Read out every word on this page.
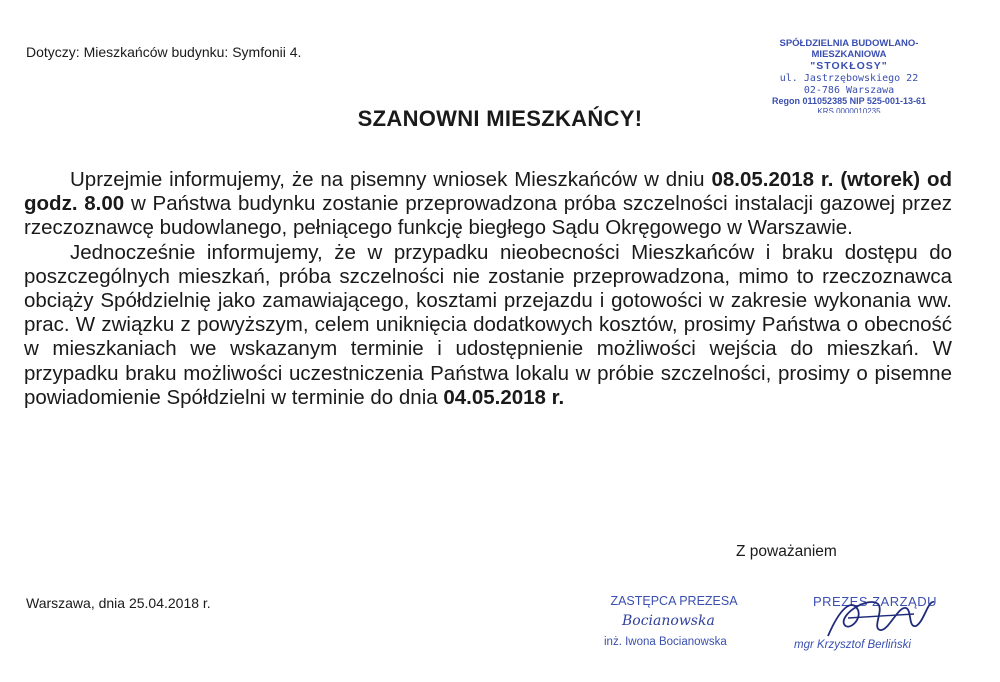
Dotyczy: Mieszkańców budynku: Symfonii 4.
SPÓŁDZIELNIA BUDOWLANO-MIESZKANIOWA
"STOKŁOSY"
ul. Jastrzębowskiego 22
02-786 Warszawa
Regon 011052385 NIP 525-001-13-61
KRS 0000010235
SZANOWNI MIESZKAŃCY!

Uprzejmie informujemy, że na pisemny wniosek Mieszkańców w dniu 08.05.2018 r. (wtorek) od godz. 8.00 w Państwa budynku zostanie przeprowadzona próba szczelności instalacji gazowej przez rzeczoznawcę budowlanego, pełniącego funkcję biegłego Sądu Okręgowego w Warszawie.

Jednocześnie informujemy, że w przypadku nieobecności Mieszkańców i braku dostępu do poszczególnych mieszkań, próba szczelności nie zostanie przeprowadzona, mimo to rzeczoznawca obciąży Spółdzielnię jako zamawiającego, kosztami przejazdu i gotowości w zakresie wykonania ww. prac. W związku z powyższym, celem uniknięcia dodatkowych kosztów, prosimy Państwa o obecność w mieszkaniach we wskazanym terminie i udostępnienie możliwości wejścia do mieszkań. W przypadku braku możliwości uczestniczenia Państwa lokalu w próbie szczelności, prosimy o pisemne powiadomienie Spółdzielni w terminie do dnia 04.05.2018 r.

Z poważaniem
Warszawa, dnia 25.04.2018 r.	ZASTĘPCA PREZESA
Bocianowska
inż. Iwona Bocianowska
PREZES ZARZĄDU
mgr Krzysztof Berliński
